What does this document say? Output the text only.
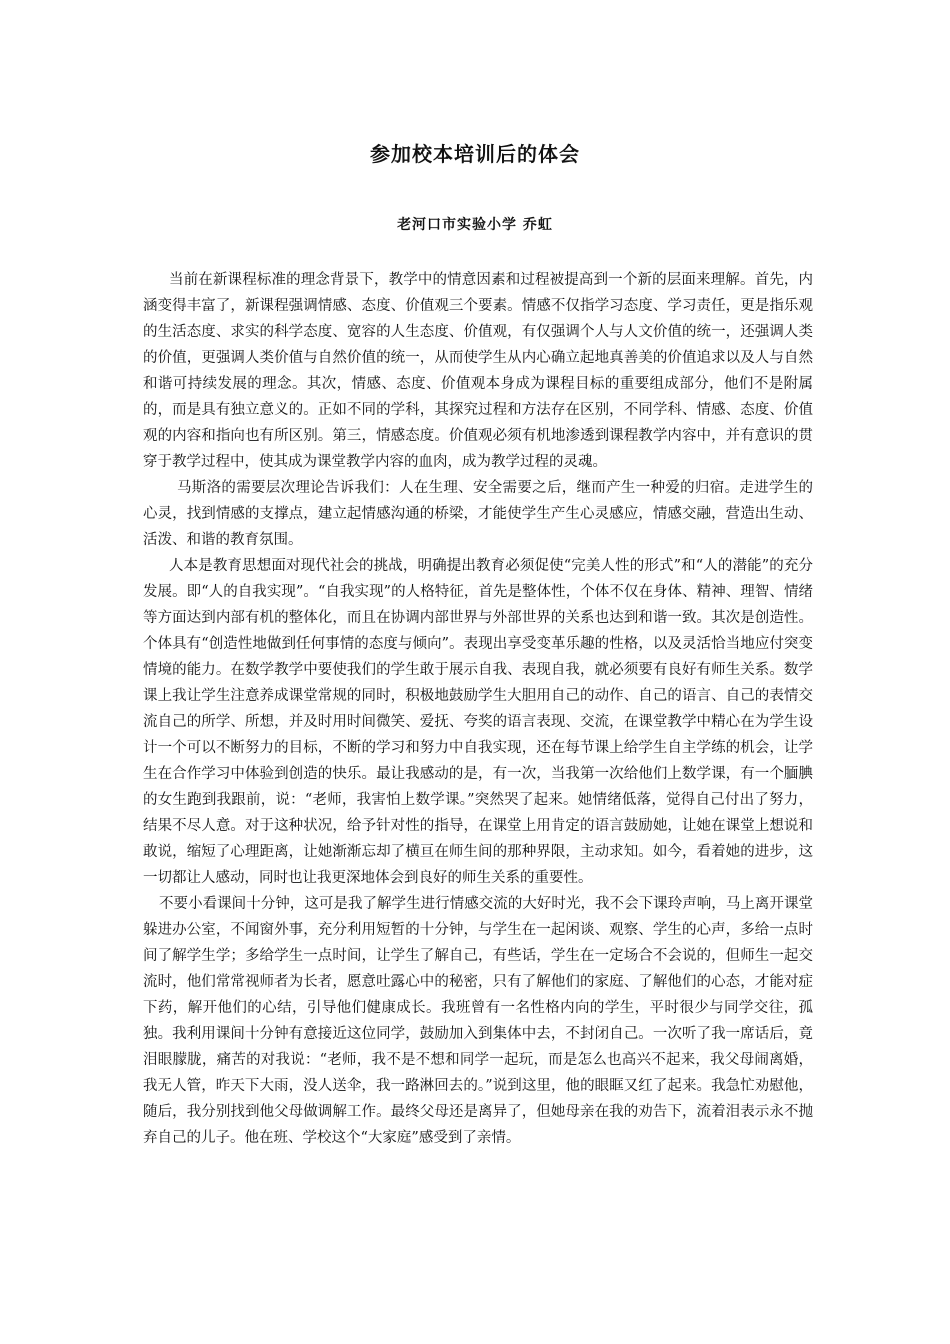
参加校本培训后的体会
老河口市实验小学 乔虹

当前在新课程标准的理念背景下，教学中的情意因素和过程被提高到一个新的层面来理解。首先，内涵变得丰富了，新课程强调情感、态度、价值观三个要素。情感不仅指学习态度、学习责任，更是指乐观的生活态度、求实的科学态度、宽容的人生态度、价值观，有仅强调个人与人文价值的统一，还强调人类的价值，更强调人类价值与自然价值的统一，从而使学生从内心确立起地真善美的价值追求以及人与自然和谐可持续发展的理念。其次，情感、态度、价值观本身成为课程目标的重要组成部分，他们不是附属的，而是具有独立意义的。正如不同的学科，其探究过程和方法存在区别，不同学科、情感、态度、价值观的内容和指向也有所区别。第三，情感态度。价值观必须有机地渗透到课程教学内容中，并有意识的贯穿于教学过程中，使其成为课堂教学内容的血肉，成为教学过程的灵魂。

马斯洛的需要层次理论告诉我们：人在生理、安全需要之后，继而产生一种爱的归宿。走进学生的心灵，找到情感的支撑点，建立起情感沟通的桥梁，才能使学生产生心灵感应，情感交融，营造出生动、活泼、和谐的教育氛围。

人本是教育思想面对现代社会的挑战，明确提出教育必须促使“完美人性的形式”和“人的潜能”的充分发展。即“人的自我实现”。“自我实现”的人格特征，首先是整体性，个体不仅在身体、精神、理智、情绪等方面达到内部有机的整体化，而且在协调内部世界与外部世界的关系也达到和谐一致。其次是创造性。个体具有“创造性地做到任何事情的态度与倾向”。表现出享受变革乐趣的性格，以及灵活恰当地应付突变情境的能力。在数学教学中要使我们的学生敢于展示自我、表现自我，就必须要有良好有师生关系。数学课上我让学生注意养成课堂常规的同时，积极地鼓励学生大胆用自己的动作、自己的语言、自己的表情交流自己的所学、所想，并及时用时间微笑、爱抚、夸奖的语言表现、交流，在课堂教学中精心在为学生设计一个可以不断努力的目标，不断的学习和努力中自我实现，还在每节课上给学生自主学练的机会，让学生在合作学习中体验到创造的快乐。最让我感动的是，有一次，当我第一次给他们上数学课，有一个腼腆的女生跑到我跟前，说：“老师，我害怕上数学课。”突然哭了起来。她情绪低落，觉得自己付出了努力，结果不尽人意。对于这种状况，给予针对性的指导，在课堂上用肯定的语言鼓励她，让她在课堂上想说和敢说，缩短了心理距离，让她渐渐忘却了横亘在师生间的那种界限，主动求知。如今，看着她的进步，这一切都让人感动，同时也让我更深地体会到良好的师生关系的重要性。

不要小看课间十分钟，这可是我了解学生进行情感交流的大好时光，我不会下课玲声响，马上离开课堂躲进办公室，不闻窗外事，充分利用短暂的十分钟，与学生在一起闲谈、观察、学生的心声，多给一点时间了解学生学；多给学生一点时间，让学生了解自己，有些话，学生在一定场合不会说的，但师生一起交流时，他们常常视师者为长者，愿意吐露心中的秘密，只有了解他们的家庭、了解他们的心态，才能对症下药，解开他们的心结，引导他们健康成长。我班曾有一名性格内向的学生，平时很少与同学交往，孤独。我利用课间十分钟有意接近这位同学，鼓励加入到集体中去，不封闭自己。一次听了我一席话后，竟泪眼朦胧，痛苦的对我说：“老师，我不是不想和同学一起玩，而是怎么也高兴不起来，我父母闹离婚，我无人管，昨天下大雨，没人送伞，我一路淋回去的。”说到这里，他的眼眶又红了起来。我急忙劝慰他，随后，我分别找到他父母做调解工作。最终父母还是离异了，但她母亲在我的劝告下，流着泪表示永不抛弃自己的儿子。他在班、学校这个“大家庭”感受到了亲情。
